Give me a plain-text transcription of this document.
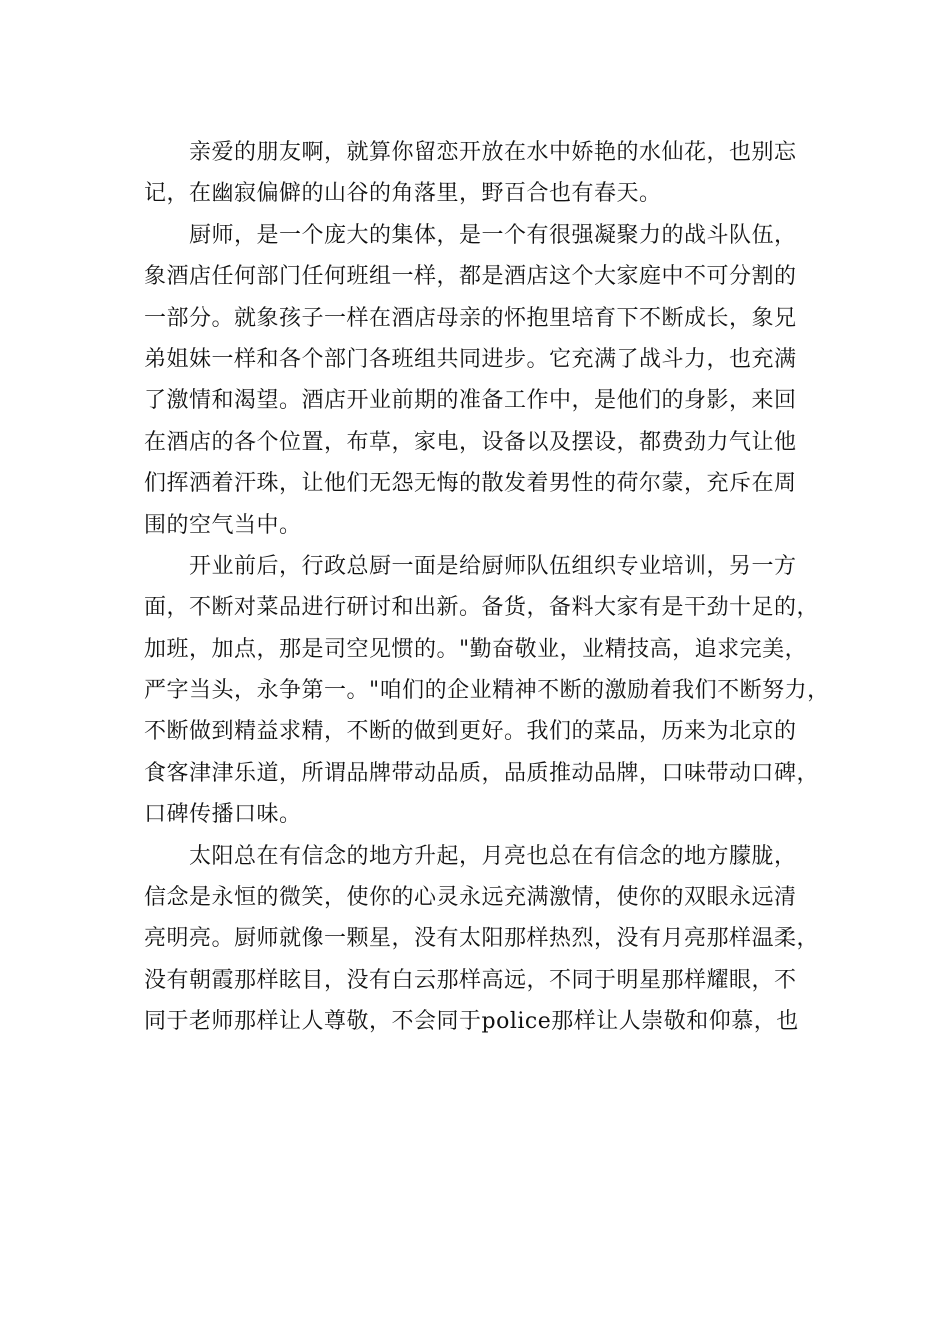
　　亲爱的朋友啊，就算你留恋开放在水中娇艳的水仙花，也别忘
记，在幽寂偏僻的山谷的角落里，野百合也有春天。
　　厨师，是一个庞大的集体，是一个有很强凝聚力的战斗队伍，
象酒店任何部门任何班组一样，都是酒店这个大家庭中不可分割的
一部分。就象孩子一样在酒店母亲的怀抱里培育下不断成长，象兄
弟姐妹一样和各个部门各班组共同进步。它充满了战斗力，也充满
了激情和渴望。酒店开业前期的准备工作中，是他们的身影，来回
在酒店的各个位置，布草，家电，设备以及摆设，都费劲力气让他
们挥洒着汗珠，让他们无怨无悔的散发着男性的荷尔蒙，充斥在周
围的空气当中。
　　开业前后，行政总厨一面是给厨师队伍组织专业培训，另一方
面，不断对菜品进行研讨和出新。备货，备料大家有是干劲十足的，
加班，加点，那是司空见惯的。"勤奋敬业，业精技高，追求完美，
严字当头，永争第一。"咱们的企业精神不断的激励着我们不断努力，
不断做到精益求精，不断的做到更好。我们的菜品，历来为北京的
食客津津乐道，所谓品牌带动品质，品质推动品牌，口味带动口碑，
口碑传播口味。
　　太阳总在有信念的地方升起，月亮也总在有信念的地方朦胧，
信念是永恒的微笑，使你的心灵永远充满激情，使你的双眼永远清
亮明亮。厨师就像一颗星，没有太阳那样热烈，没有月亮那样温柔，
没有朝霞那样眩目，没有白云那样高远，不同于明星那样耀眼，不
同于老师那样让人尊敬，不会同于police那样让人崇敬和仰慕，也
